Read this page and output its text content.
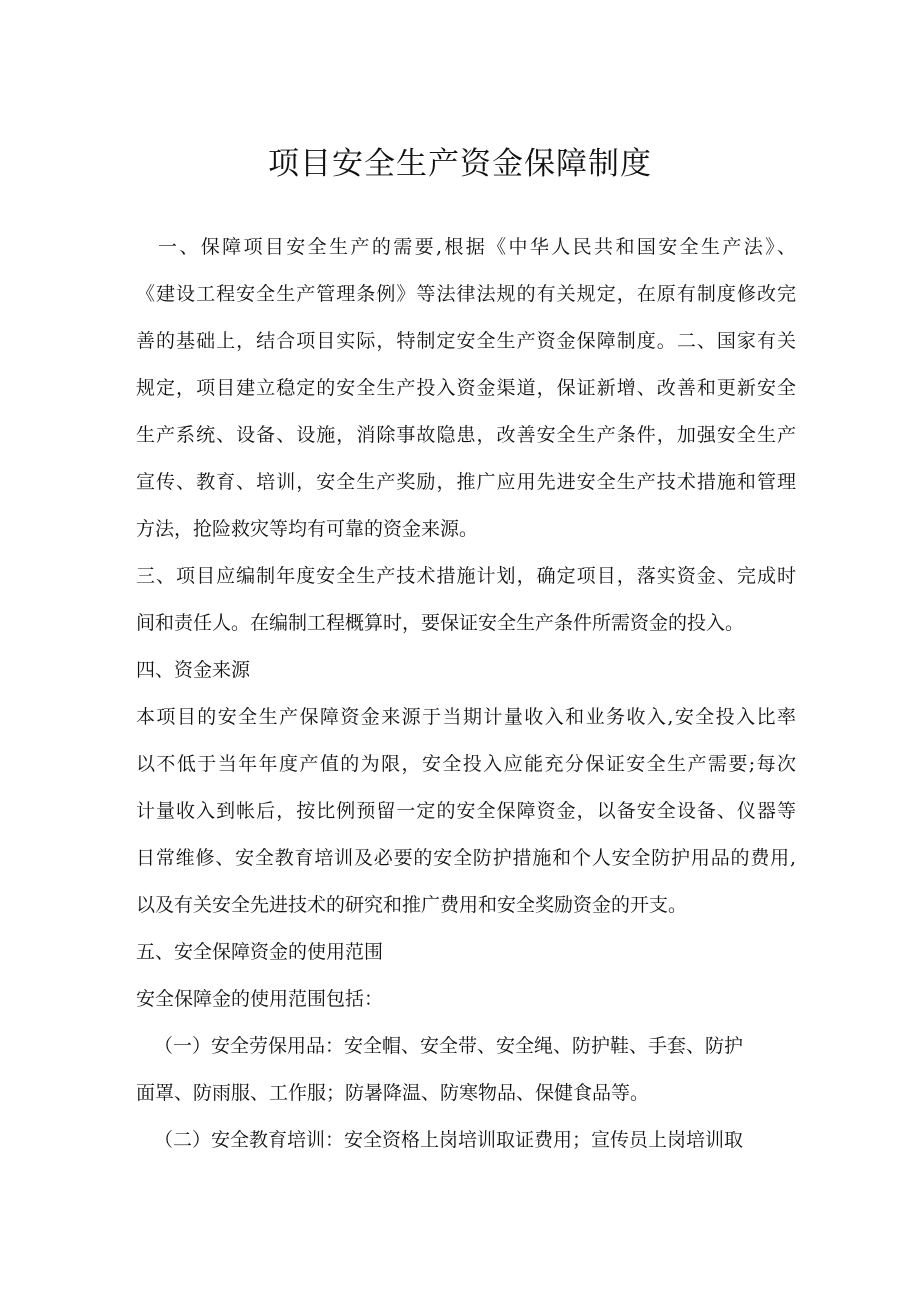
项目安全生产资金保障制度
一、保障项目安全生产的需要,根据《中华人民共和国安全生产法》、
《建设工程安全生产管理条例》等法律法规的有关规定，在原有制度修改完
善的基础上，结合项目实际，特制定安全生产资金保障制度。二、国家有关
规定，项目建立稳定的安全生产投入资金渠道，保证新增、改善和更新安全
生产系统、设备、设施，消除事故隐患，改善安全生产条件，加强安全生产
宣传、教育、培训，安全生产奖励，推广应用先进安全生产技术措施和管理
方法，抢险救灾等均有可靠的资金来源。
三、项目应编制年度安全生产技术措施计划，确定项目，落实资金、完成时
间和责任人。在编制工程概算时，要保证安全生产条件所需资金的投入。
四、资金来源
本项目的安全生产保障资金来源于当期计量收入和业务收入,安全投入比率
以不低于当年年度产值的为限，安全投入应能充分保证安全生产需要;每次
计量收入到帐后，按比例预留一定的安全保障资金，以备安全设备、仪器等
日常维修、安全教育培训及必要的安全防护措施和个人安全防护用品的费用,
以及有关安全先进技术的研究和推广费用和安全奖励资金的开支。
五、安全保障资金的使用范围
安全保障金的使用范围包括：
（一）安全劳保用品：安全帽、安全带、安全绳、防护鞋、手套、防护
面罩、防雨服、工作服；防暑降温、防寒物品、保健食品等。
（二）安全教育培训：安全资格上岗培训取证费用；宣传员上岗培训取
